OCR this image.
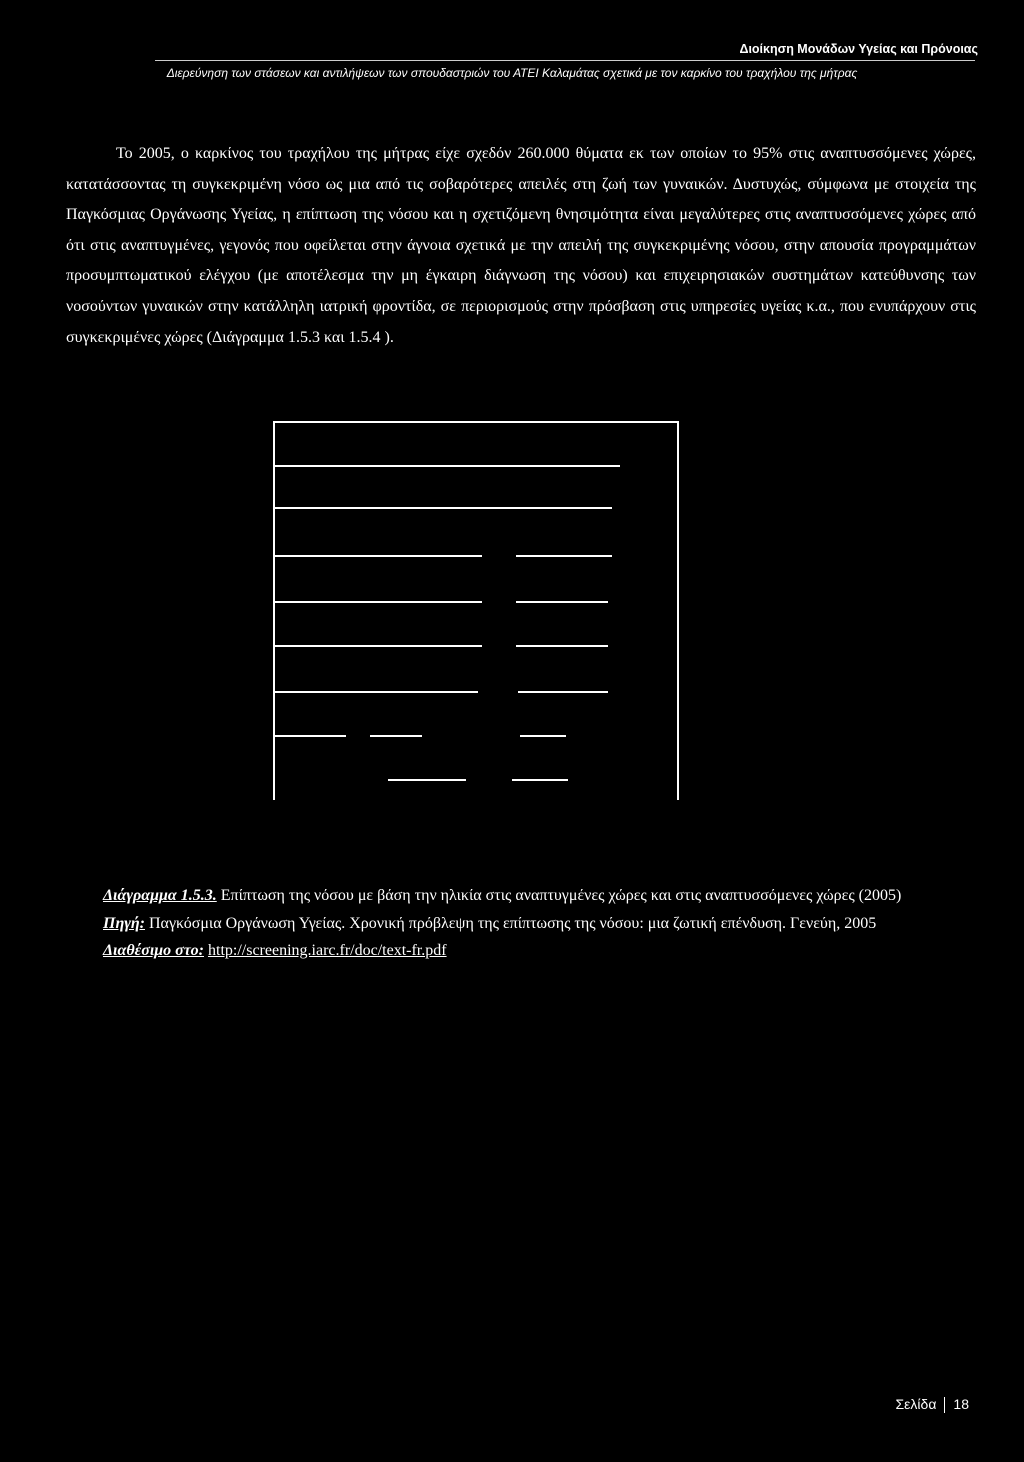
Διοίκηση Μονάδων Υγείας και Πρόνοιας
Διερεύνηση των στάσεων και αντιλήψεων των σπουδαστριών του ΑΤΕΙ Καλαμάτας σχετικά με τον καρκίνο του τραχήλου της μήτρας

Το 2005, ο καρκίνος του τραχήλου της μήτρας είχε σχεδόν 260.000 θύματα εκ των οποίων το 95% στις αναπτυσσόμενες χώρες, κατατάσσοντας τη συγκεκριμένη νόσο ως μια από τις σοβαρότερες απειλές στη ζωή των γυναικών. Δυστυχώς, σύμφωνα με στοιχεία της Παγκόσμιας Οργάνωσης Υγείας, η επίπτωση της νόσου και η σχετιζόμενη θνησιμότητα είναι μεγαλύτερες στις αναπτυσσόμενες χώρες από ότι στις αναπτυγμένες, γεγονός που οφείλεται στην άγνοια σχετικά με την απειλή της συγκεκριμένης νόσου, στην απουσία προγραμμάτων προσυμπτωματικού ελέγχου (με αποτέλεσμα την μη έγκαιρη διάγνωση της νόσου) και επιχειρησιακών συστημάτων κατεύθυνσης των νοσούντων γυναικών στην κατάλληλη ιατρική φροντίδα, σε περιορισμούς στην πρόσβαση στις υπηρεσίες υγείας κ.α., που ενυπάρχουν στις συγκεκριμένες χώρες (Διάγραμμα 1.5.3 και 1.5.4 ).

Διάγραμμα 1.5.3. Επίπτωση της νόσου με βάση την ηλικία στις αναπτυγμένες χώρες και στις αναπτυσσόμενες χώρες (2005)
Πηγή: Παγκόσμια Οργάνωση Υγείας. Χρονική πρόβλεψη της επίπτωσης της νόσου: μια ζωτική επένδυση. Γενεύη, 2005
Διαθέσιμο στο: http://screening.iarc.fr/doc/text-fr.pdf
Σελίδα 18
